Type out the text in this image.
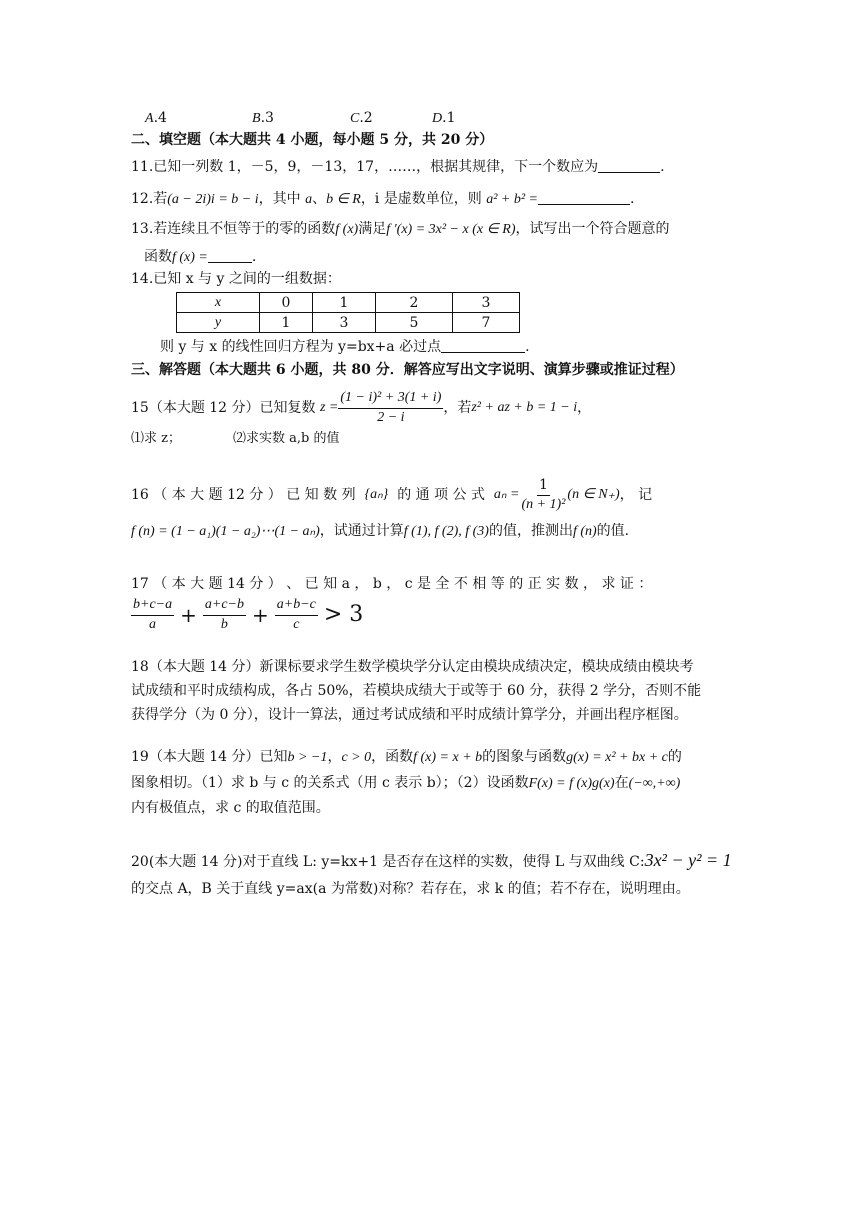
A.4	B.3	C.2	D.1
二、填空题（本大题共 4 小题，每小题 5 分，共 20 分）
11.已知一列数 1，－5，9，－13，17，……，根据其规律，下一个数应为	.
12.若(a − 2i)i = b − i，其中 a、b ∈ R，i 是虚数单位，则 a² + b² =	.
13.若连续且不恒等于的零的函数f (x)满足f ′(x) = 3x² − x (x ∈ R)，试写出一个符合题意的
函数f (x) =	.
14.已知 x 与 y 之间的一组数据：
x	0	1	2	3
y	1	3	5	7
则 y 与 x 的线性回归方程为 y=bx+a 必过点	.
三、解答题（本大题共 6 小题，共 80 分．解答应写出文字说明、演算步骤或推证过程）
15（本大题 12 分）已知复数
$z = \frac{\text{(1 − i)² + 3(1 + i)}}{2 - i}$ ，若 z² + az + b = 1 − i ，
⑴求 z；	⑵求实数 a,b 的值
16 （ 本 大 题 12 分 ） 已 知 数 列
{aₙ}
的 通 项 公 式
$a_n = \frac{1}{\text{(n + 1)²}} (n$ ∈ N₊) ， 记
f (n) = (1 − a₁)(1 − a₂)⋯(1 − aₙ)，试通过计算f (1), f (2), f (3)的值，推测出f (n)的值.
17 （ 本 大 题 14 分 ） 、 已 知 a ， b ， c 是 全 不 相 等 的 正 实 数 ， 求 证 ：
$\frac{b+c-a}{a} + \frac{a+c-b}{b} + \frac{a+b-c}{c} > 3$
18（本大题 14 分）新课标要求学生数学模块学分认定由模块成绩决定，模块成绩由模块考
试成绩和平时成绩构成，各占 50%，若模块成绩大于或等于 60 分，获得 2 学分，否则不能
获得学分（为 0 分），设计一算法，通过考试成绩和平时成绩计算学分，并画出程序框图。
19（本大题 14 分）已知b > −1，c > 0，函数f (x) = x + b的图象与函数g(x) = x² + bx + c的
图象相切。（1）求 b 与 c 的关系式（用 c 表示 b）；（2）设函数F(x) = f (x)g(x)在(−∞,+∞)
内有极值点，求 c 的取值范围。
20(本大题 14 分)对于直线 L: y=kx+1 是否存在这样的实数，使得 L 与双曲线 C:3x² − y² = 1
的交点 A，B 关于直线 y=ax(a 为常数)对称？若存在，求 k 的值；若不存在，说明理由。
